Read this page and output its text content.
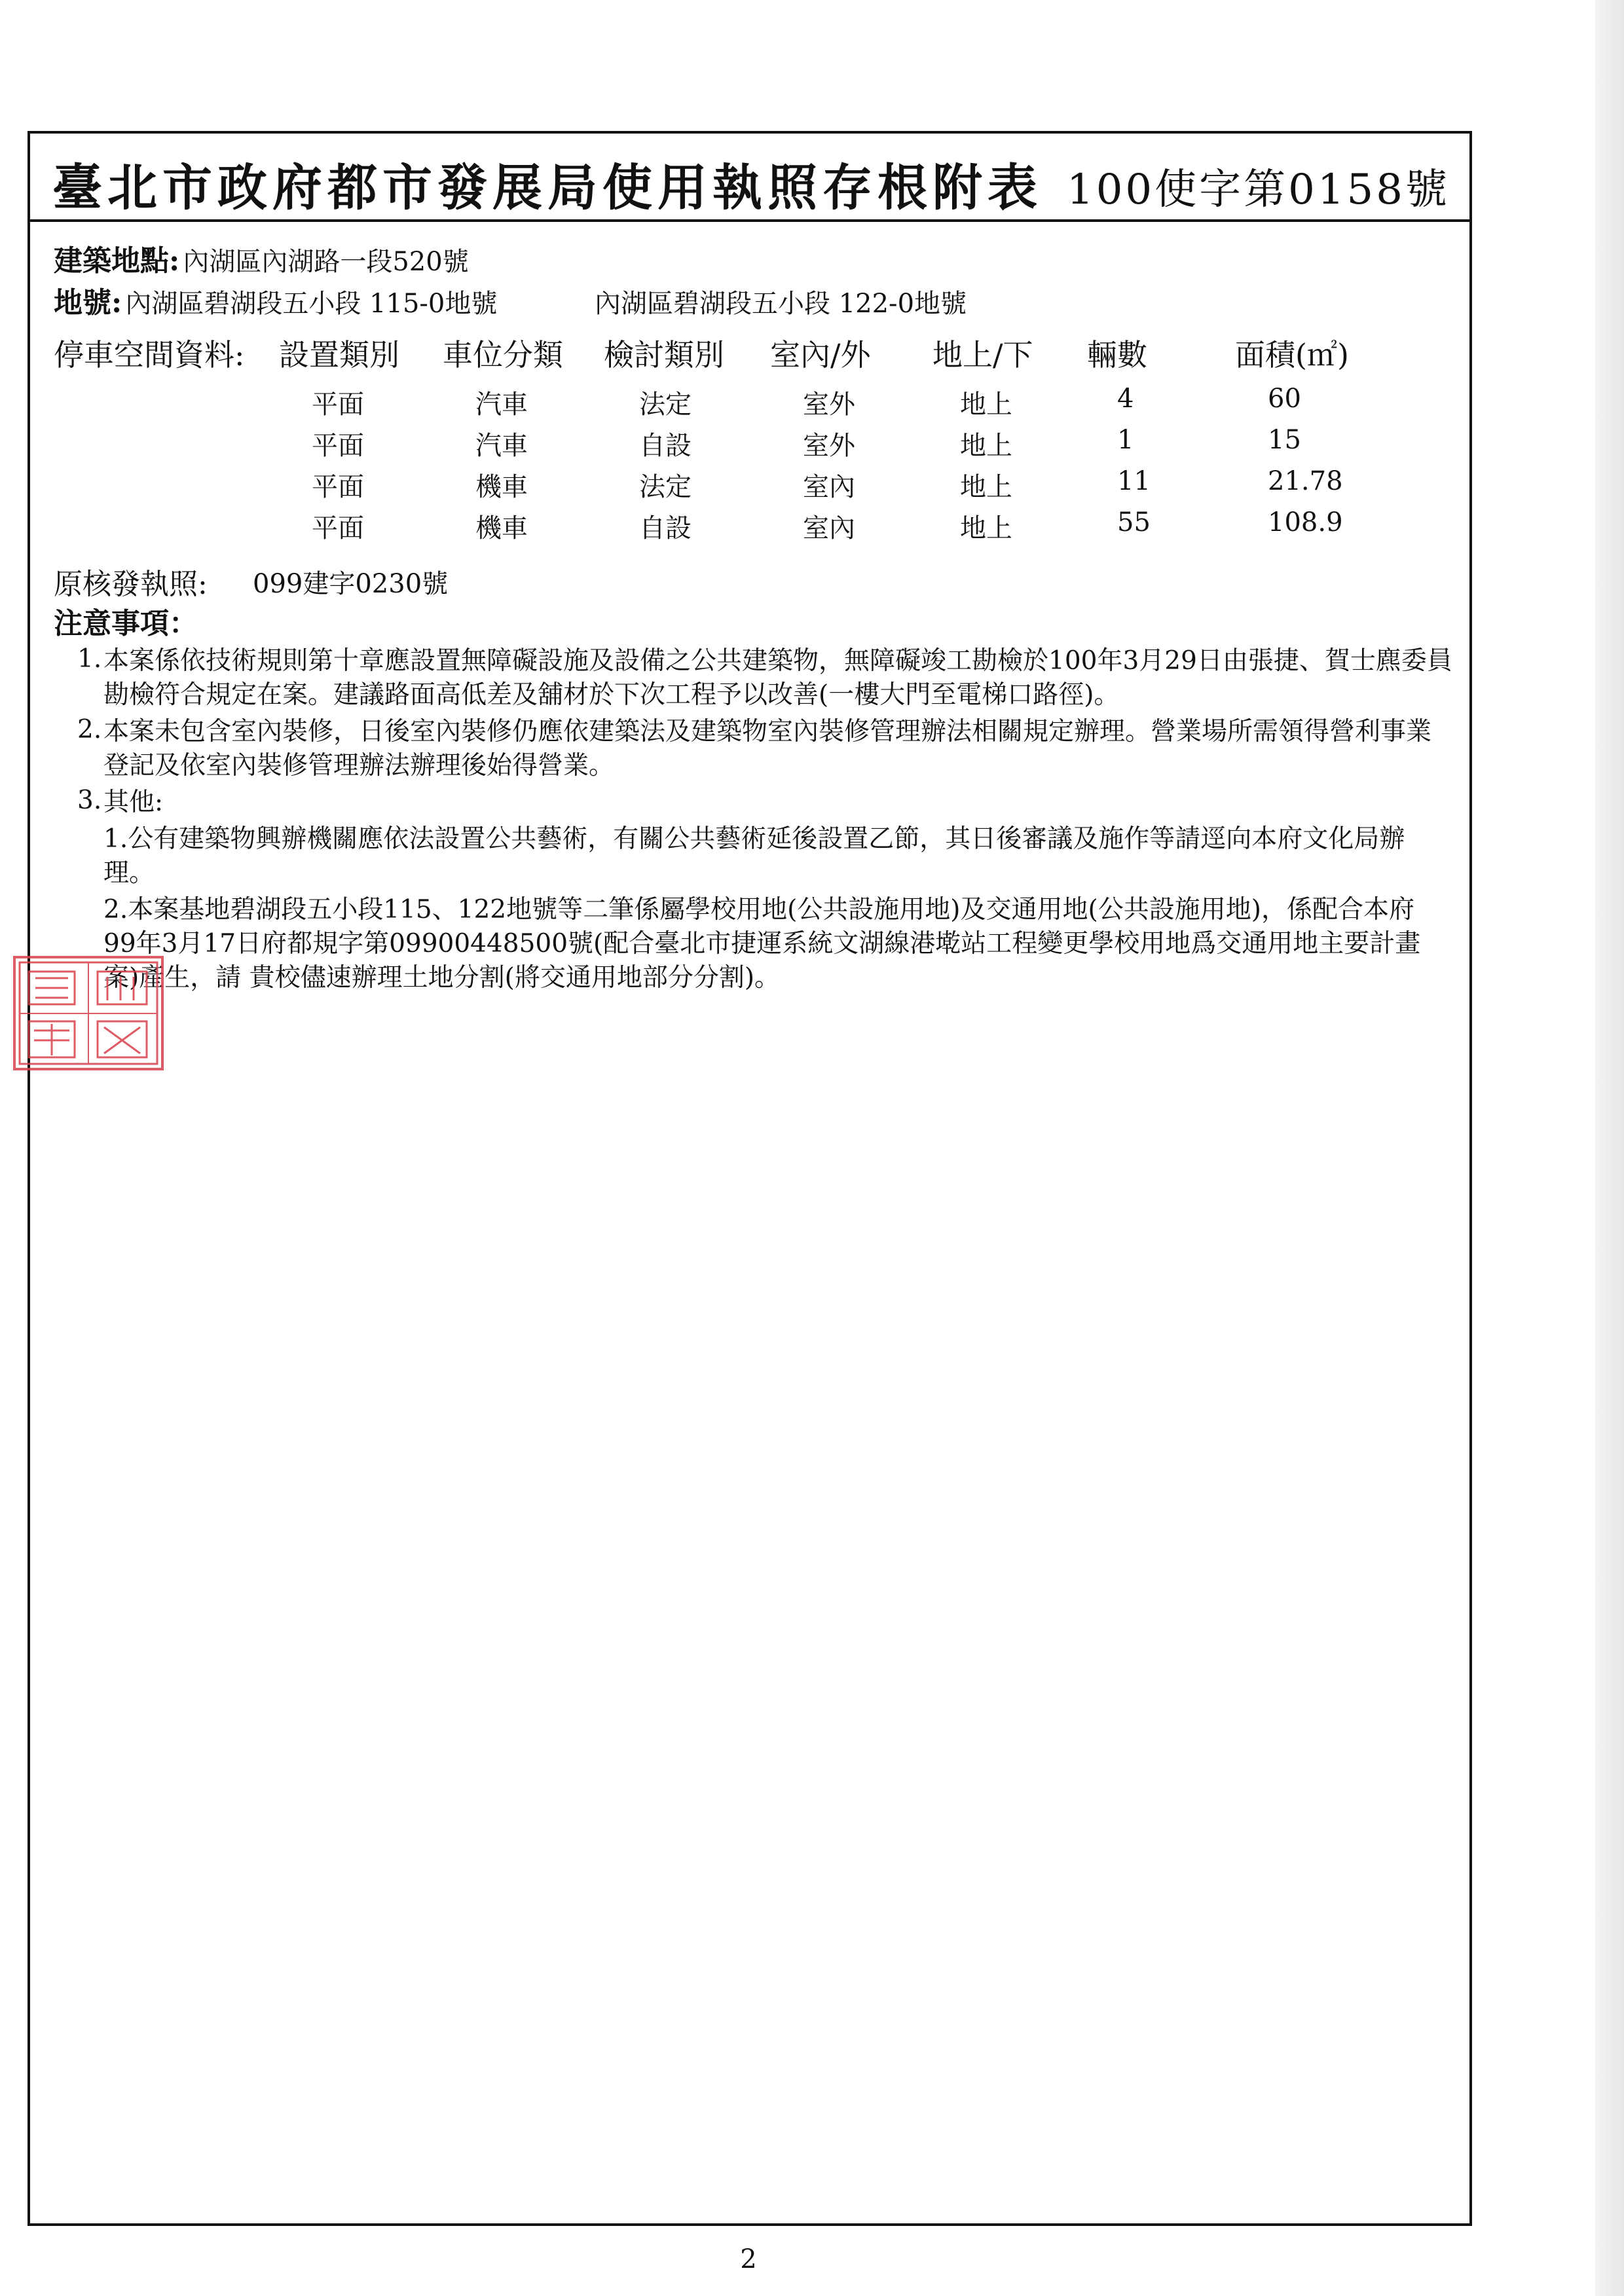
臺北市政府都市發展局使用執照存根附表 100使字第0158號
建築地點: 內湖區內湖路一段520號
地號: 內湖區碧湖段五小段 115-0地號	內湖區碧湖段五小段 122-0地號
停車空間資料: 設置類別 車位分類 檢討類別 室內/外 地上/下 輛數	面積(㎡)
平面	汽車	法定	室外	地上	4	60
平面	汽車	自設	室外	地上	1	15
平面	機車	法定	室內	地上	11	21.78
平面	機車	自設	室內	地上	55	108.9
原核發執照: 099建字0230號
注意事項：
1. 本案係依技術規則第十章應設置無障礙設施及設備之公共建築物，無障礙竣工勘檢於100年3月29日由張捷、賀士麃委員勘檢符合規定在案。建議路面高低差及舖材於下次工程予以改善(一樓大門至電梯口路徑)。
2. 本案未包含室內裝修，日後室內裝修仍應依建築法及建築物室內裝修管理辦法相關規定辦理。營業場所需領得營利事業登記及依室內裝修管理辦法辦理後始得營業。
3. 其他:
1.公有建築物興辦機關應依法設置公共藝術，有關公共藝術延後設置乙節，其日後審議及施作等請逕向本府文化局辦理。
2.本案基地碧湖段五小段115、122地號等二筆係屬學校用地(公共設施用地)及交通用地(公共設施用地)，係配合本府99年3月17日府都規字第09900448500號(配合臺北市捷運系統文湖線港墘站工程變更學校用地爲交通用地主要計畫案)產生，請 貴校儘速辦理土地分割(將交通用地部分分割)。
2
